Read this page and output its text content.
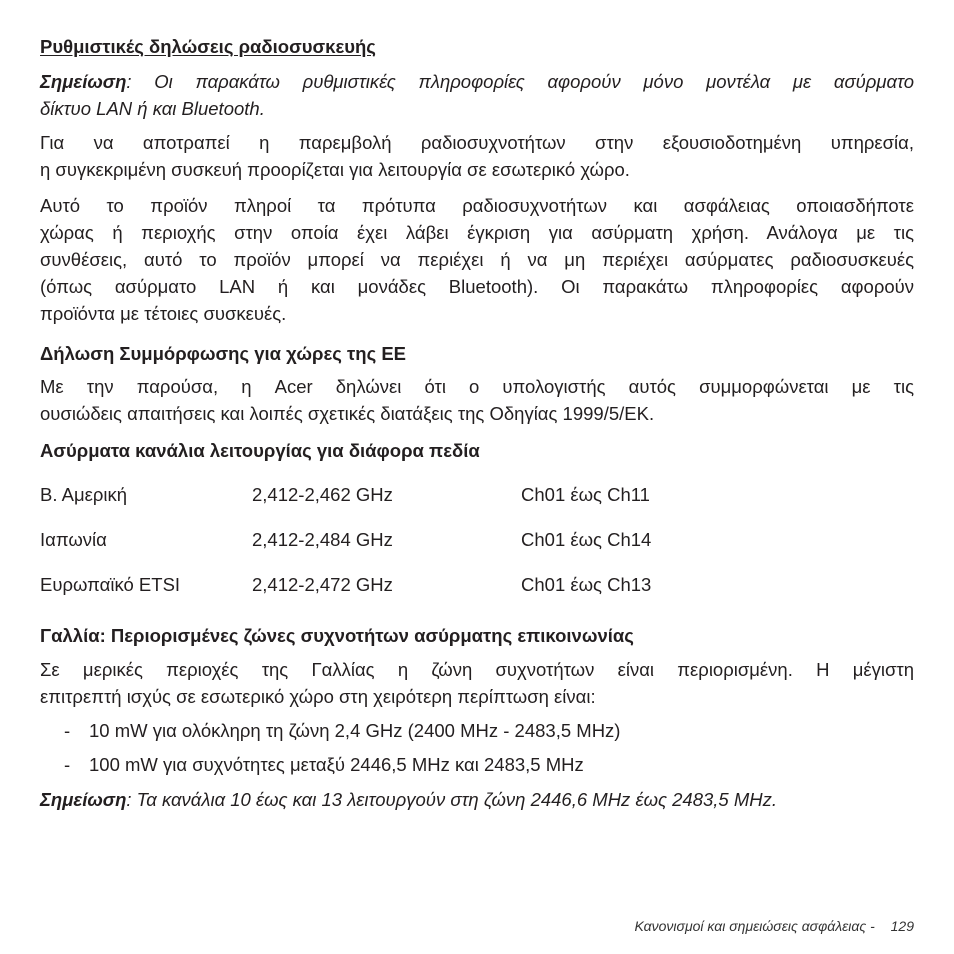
Ρυθμιστικές δηλώσεις ραδιοσυσκευής
Σημείωση: Οι παρακάτω ρυθμιστικές πληροφορίες αφορούν μόνο μοντέλα με ασύρματο
δίκτυο LAN ή και Bluetooth.
Για να αποτραπεί η παρεμβολή ραδιοσυχνοτήτων στην εξουσιοδοτημένη υπηρεσία,
η συγκεκριμένη συσκευή προορίζεται για λειτουργία σε εσωτερικό χώρο.
Αυτό το προϊόν πληροί τα πρότυπα ραδιοσυχνοτήτων και ασφάλειας οποιασδήποτε
χώρας ή περιοχής στην οποία έχει λάβει έγκριση για ασύρματη χρήση. Ανάλογα με τις
συνθέσεις, αυτό το προϊόν μπορεί να περιέχει ή να μη περιέχει ασύρματες ραδιοσυσκευές
(όπως ασύρματο LAN ή και μονάδες Bluetooth). Οι παρακάτω πληροφορίες αφορούν
προϊόντα με τέτοιες συσκευές.
Δήλωση Συμμόρφωσης για χώρες της ΕΕ
Με την παρούσα, η Acer δηλώνει ότι ο υπολογιστής αυτός συμμορφώνεται με τις
ουσιώδεις απαιτήσεις και λοιπές σχετικές διατάξεις της Οδηγίας 1999/5/ΕΚ.
Ασύρματα κανάλια λειτουργίας για διάφορα πεδία
Β. Αμερική	2,412-2,462 GHz	Ch01 έως Ch11
Ιαπωνία	2,412-2,484 GHz	Ch01 έως Ch14
Ευρωπαϊκό ETSI	2,412-2,472 GHz	Ch01 έως Ch13
Γαλλία: Περιορισμένες ζώνες συχνοτήτων ασύρματης επικοινωνίας
Σε μερικές περιοχές της Γαλλίας η ζώνη συχνοτήτων είναι περιορισμένη. Η μέγιστη
επιτρεπτή ισχύς σε εσωτερικό χώρο στη χειρότερη περίπτωση είναι:
- 10 mW για ολόκληρη τη ζώνη 2,4 GHz (2400 MHz - 2483,5 MHz)
- 100 mW για συχνότητες μεταξύ 2446,5 MHz και 2483,5 MHz
Σημείωση: Τα κανάλια 10 έως και 13 λειτουργούν στη ζώνη 2446,6 MHz έως 2483,5 MHz.
Κανονισμοί και σημειώσεις ασφάλειας - 129
